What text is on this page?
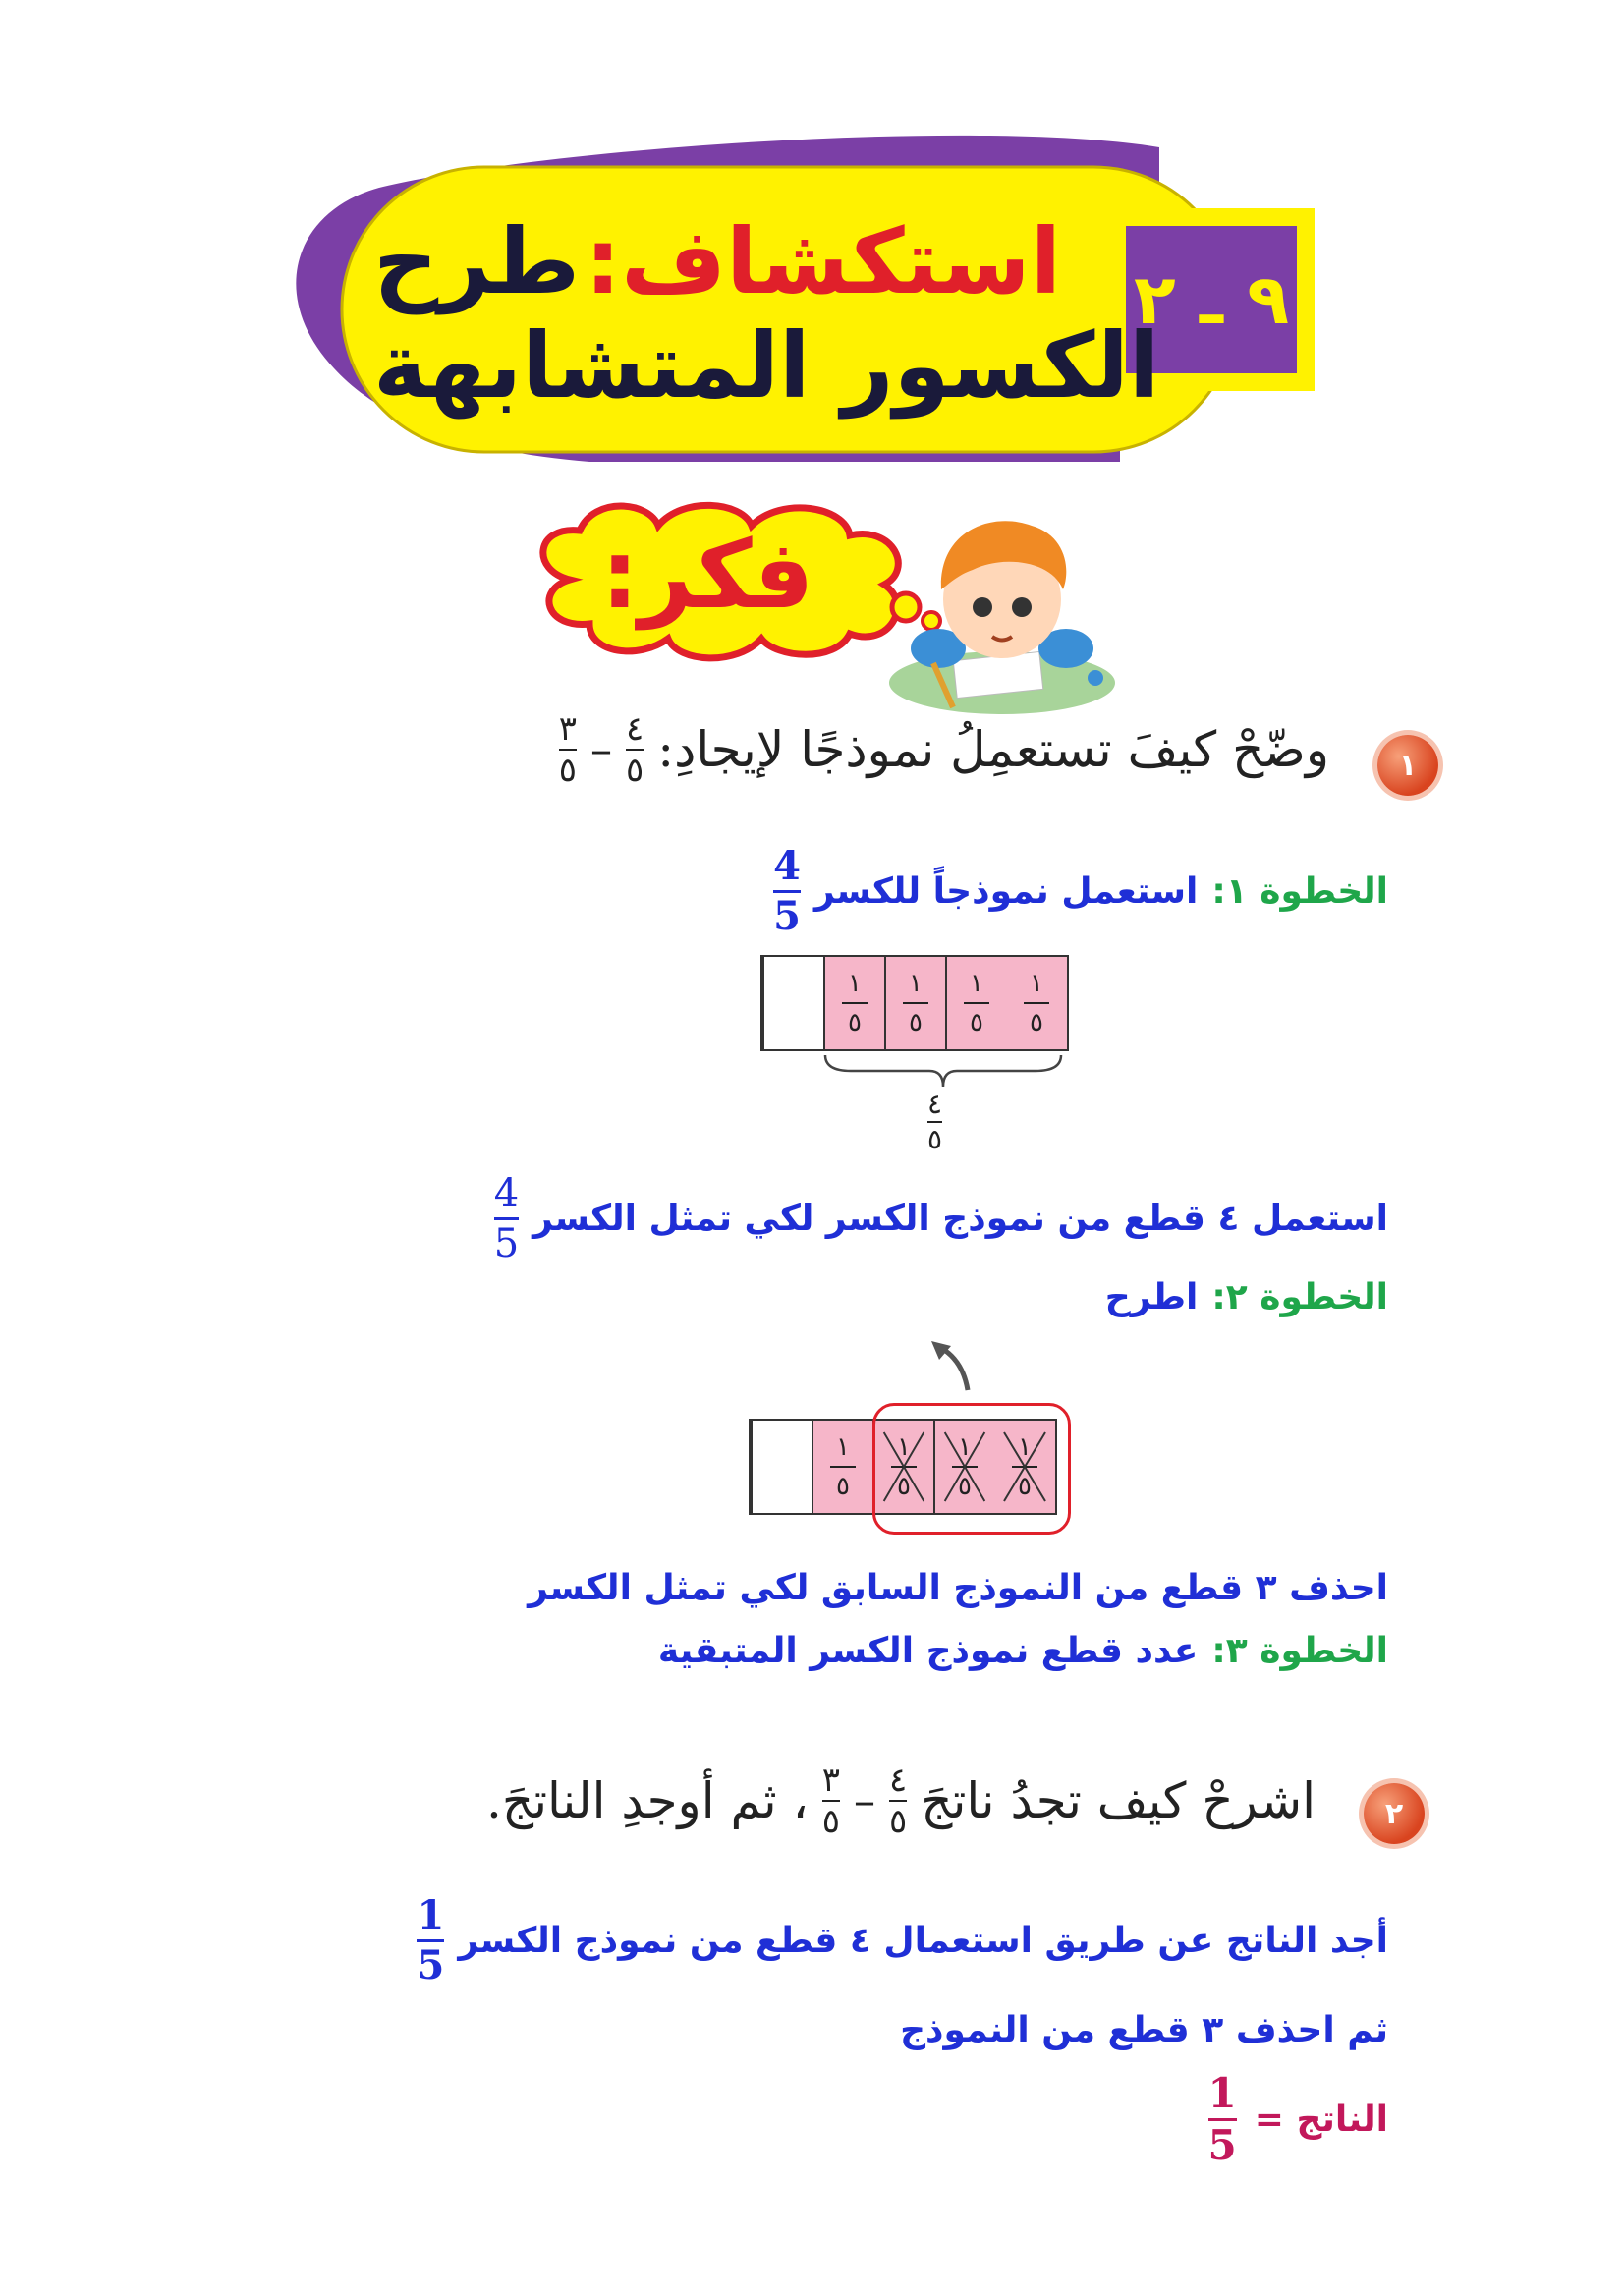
٩ ـ ٢
استكشاف: طرح
الكسور المتشابهة
فكر:
١
وضّحْ كيفَ تستعمِلُ نموذجًا لإيجادِ:
٤
٥
–
٣
٥
الخطوة ١:
استعمل نموذجاً للكسر
$\frac{4}{5}$
١
٥
١
٥
١
٥
١
٥
٤
٥
استعمل ٤ قطع من نموذج الكسر لكي تمثل الكسر
$\frac{4}{5}$
الخطوة ٢:
اطرح
١
٥
١
٥
١
٥
١
٥
احذف ٣ قطع من النموذج السابق لكي تمثل الكسر
الخطوة ٣:
عدد قطع نموذج الكسر المتبقية
٢
اشرحْ كيف تجدُ ناتجَ
٤
٥
–
٣
٥
، ثم أوجدِ الناتجَ.
أجد الناتج عن طريق استعمال ٤ قطع من نموذج الكسر
$\frac{1}{5}$
ثم احذف ٣ قطع من النموذج
الناتج =
$\frac{1}{5}$
